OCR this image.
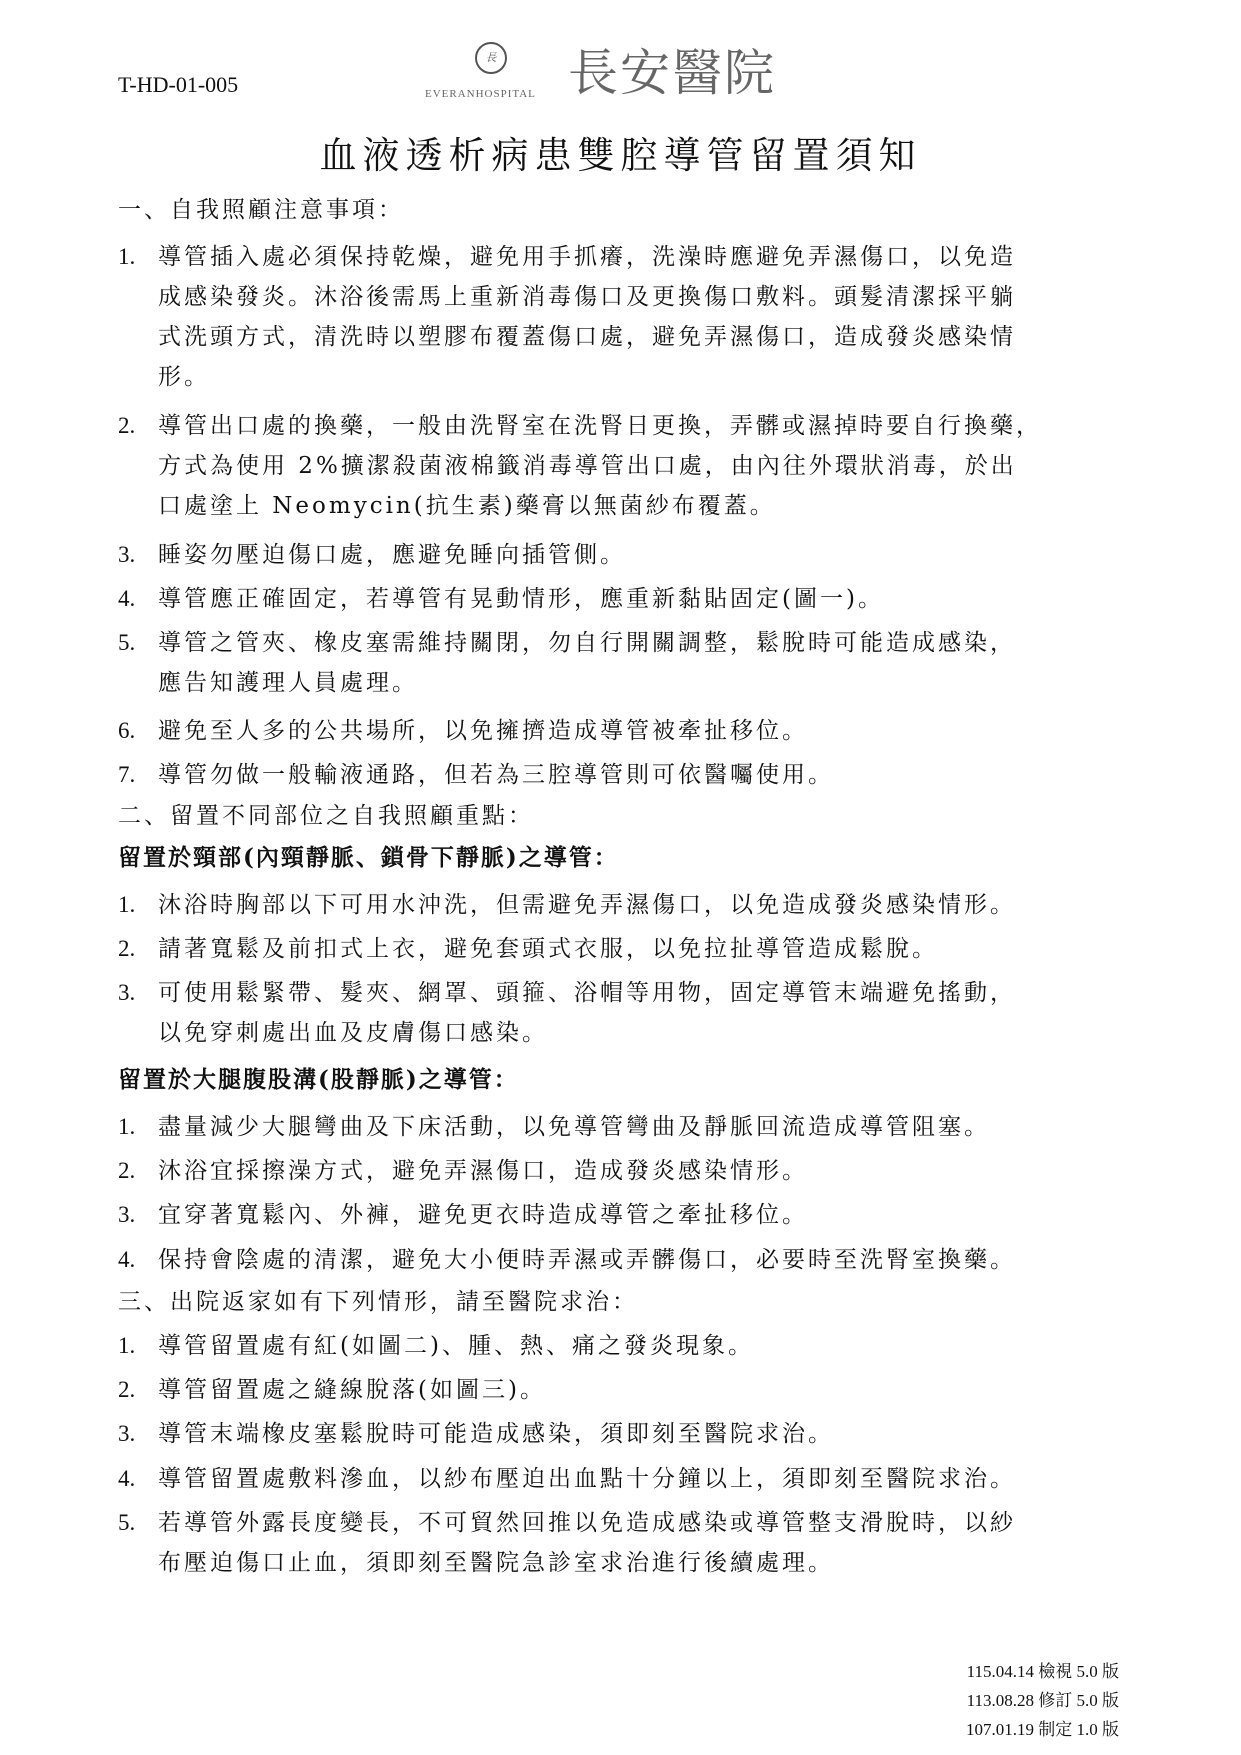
T-HD-01-005
長
EVERANHOSPITAL 長安醫院
血液透析病患雙腔導管留置須知
一、自我照顧注意事項：
1. 導管插入處必須保持乾燥，避免用手抓癢，洗澡時應避免弄濕傷口，以免造
成感染發炎。沐浴後需馬上重新消毒傷口及更換傷口敷料。頭髮清潔採平躺
式洗頭方式，清洗時以塑膠布覆蓋傷口處，避免弄濕傷口，造成發炎感染情
形。
2. 導管出口處的換藥，一般由洗腎室在洗腎日更換，弄髒或濕掉時要自行換藥，
方式為使用 2%擴潔殺菌液棉籤消毒導管出口處，由內往外環狀消毒，於出
口處塗上 Neomycin(抗生素)藥膏以無菌紗布覆蓋。
3. 睡姿勿壓迫傷口處，應避免睡向插管側。
4. 導管應正確固定，若導管有晃動情形，應重新黏貼固定(圖一)。
5. 導管之管夾、橡皮塞需維持關閉，勿自行開關調整，鬆脫時可能造成感染，
應告知護理人員處理。
6. 避免至人多的公共場所，以免擁擠造成導管被牽扯移位。
7. 導管勿做一般輸液通路，但若為三腔導管則可依醫囑使用。
二、留置不同部位之自我照顧重點：
留置於頸部(內頸靜脈、鎖骨下靜脈)之導管：
1. 沐浴時胸部以下可用水沖洗，但需避免弄濕傷口，以免造成發炎感染情形。
2. 請著寬鬆及前扣式上衣，避免套頭式衣服，以免拉扯導管造成鬆脫。
3. 可使用鬆緊帶、髮夾、網罩、頭箍、浴帽等用物，固定導管末端避免搖動，
以免穿刺處出血及皮膚傷口感染。
留置於大腿腹股溝(股靜脈)之導管：
1. 盡量減少大腿彎曲及下床活動，以免導管彎曲及靜脈回流造成導管阻塞。
2. 沐浴宜採擦澡方式，避免弄濕傷口，造成發炎感染情形。
3. 宜穿著寬鬆內、外褲，避免更衣時造成導管之牽扯移位。
4. 保持會陰處的清潔，避免大小便時弄濕或弄髒傷口，必要時至洗腎室換藥。
三、出院返家如有下列情形，請至醫院求治：
1. 導管留置處有紅(如圖二)、腫、熱、痛之發炎現象。
2. 導管留置處之縫線脫落(如圖三)。
3. 導管末端橡皮塞鬆脫時可能造成感染，須即刻至醫院求治。
4. 導管留置處敷料滲血，以紗布壓迫出血點十分鐘以上，須即刻至醫院求治。
5. 若導管外露長度變長，不可貿然回推以免造成感染或導管整支滑脫時，以紗
布壓迫傷口止血，須即刻至醫院急診室求治進行後續處理。
115.04.14 檢視 5.0 版
113.08.28 修訂 5.0 版
107.01.19 制定 1.0 版
